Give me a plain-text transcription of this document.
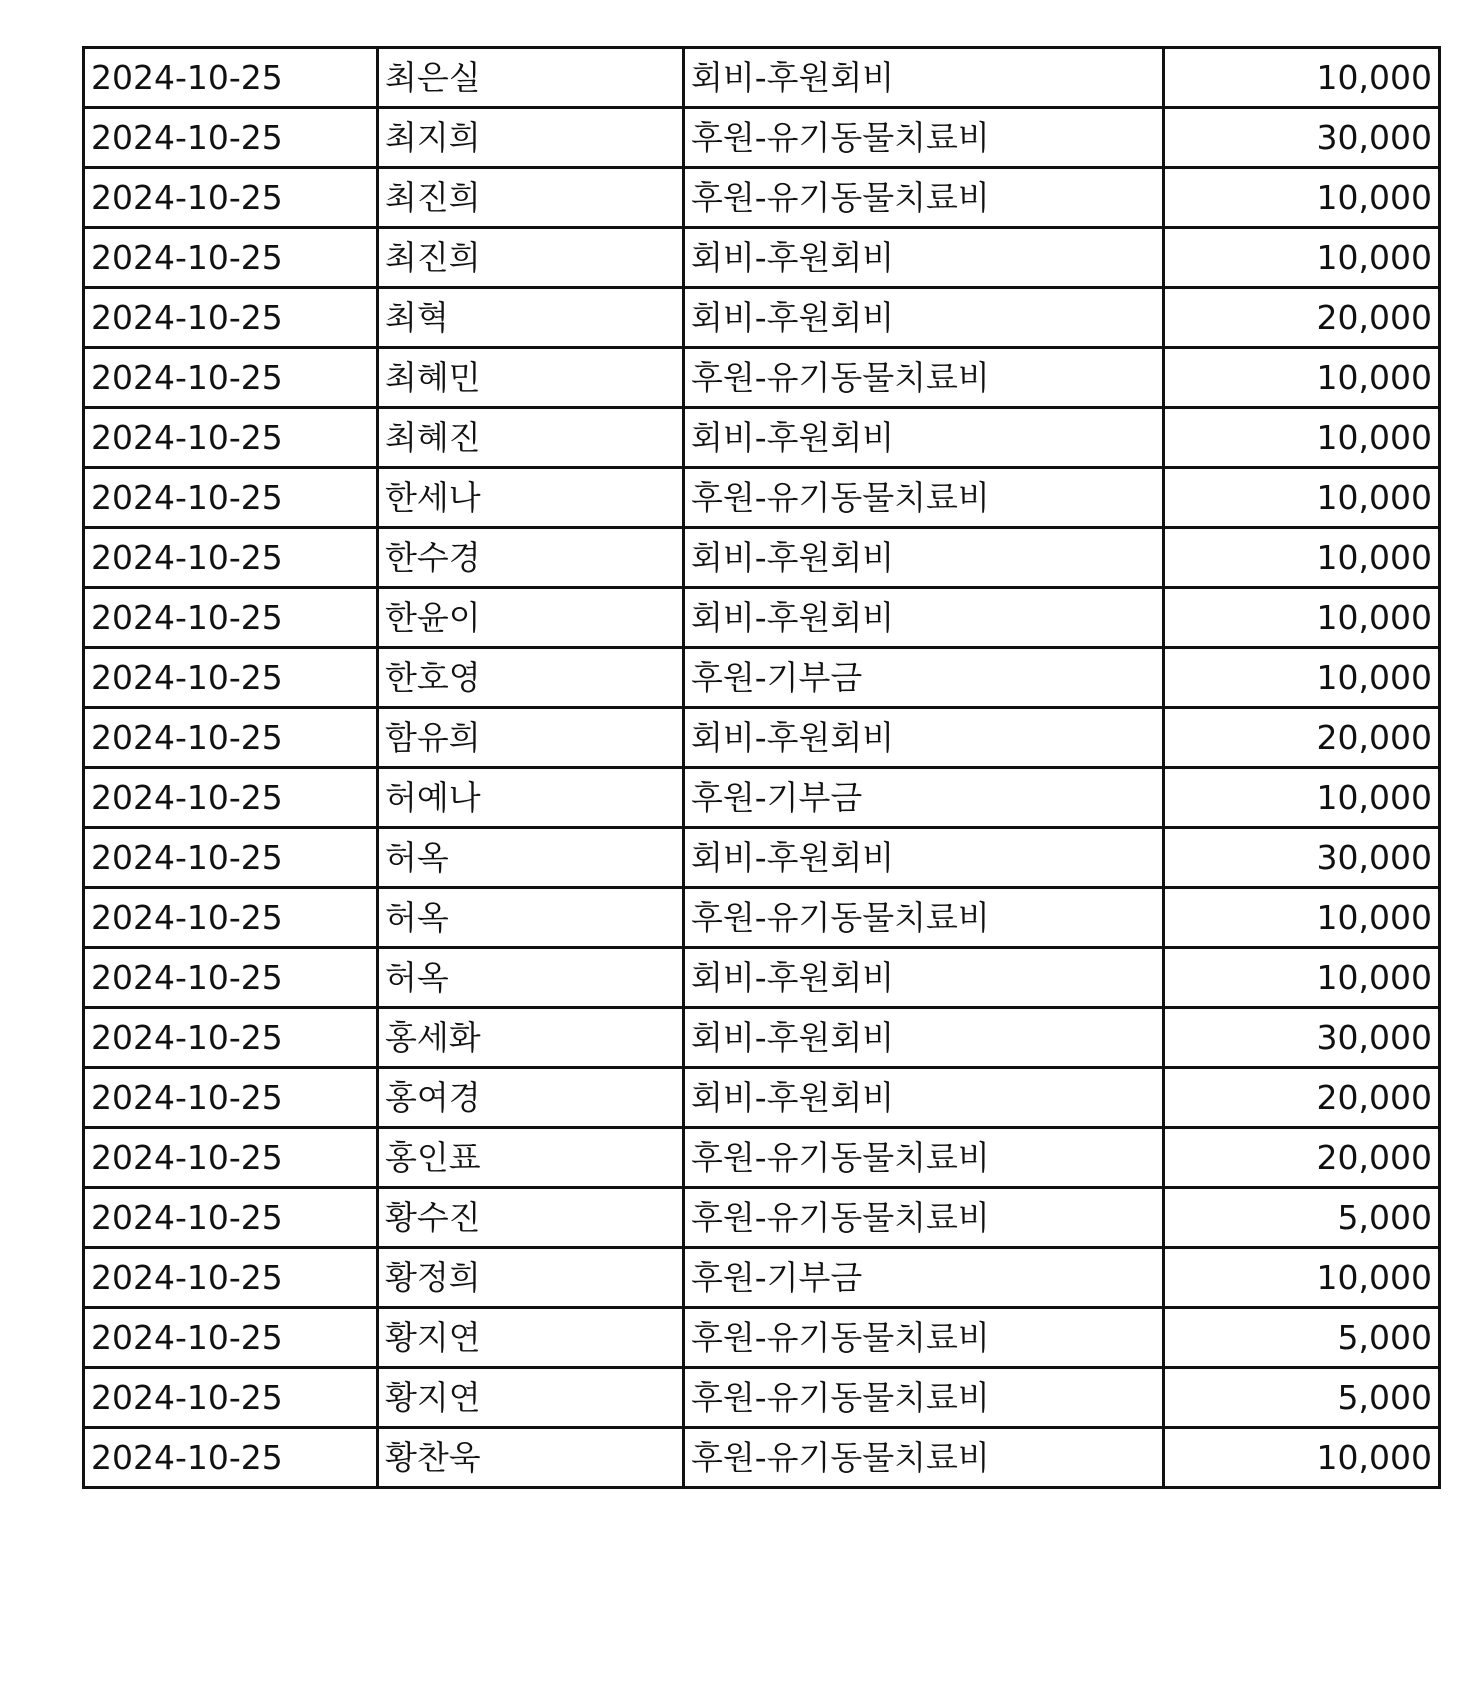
2024-10-25	최은실	회비-후원회비	10,000
2024-10-25	최지희	후원-유기동물치료비	30,000
2024-10-25	최진희	후원-유기동물치료비	10,000
2024-10-25	최진희	회비-후원회비	10,000
2024-10-25	최혁	회비-후원회비	20,000
2024-10-25	최혜민	후원-유기동물치료비	10,000
2024-10-25	최혜진	회비-후원회비	10,000
2024-10-25	한세나	후원-유기동물치료비	10,000
2024-10-25	한수경	회비-후원회비	10,000
2024-10-25	한윤이	회비-후원회비	10,000
2024-10-25	한호영	후원-기부금	10,000
2024-10-25	함유희	회비-후원회비	20,000
2024-10-25	허예나	후원-기부금	10,000
2024-10-25	허옥	회비-후원회비	30,000
2024-10-25	허옥	후원-유기동물치료비	10,000
2024-10-25	허옥	회비-후원회비	10,000
2024-10-25	홍세화	회비-후원회비	30,000
2024-10-25	홍여경	회비-후원회비	20,000
2024-10-25	홍인표	후원-유기동물치료비	20,000
2024-10-25	황수진	후원-유기동물치료비	5,000
2024-10-25	황정희	후원-기부금	10,000
2024-10-25	황지연	후원-유기동물치료비	5,000
2024-10-25	황지연	후원-유기동물치료비	5,000
2024-10-25	황찬욱	후원-유기동물치료비	10,000
